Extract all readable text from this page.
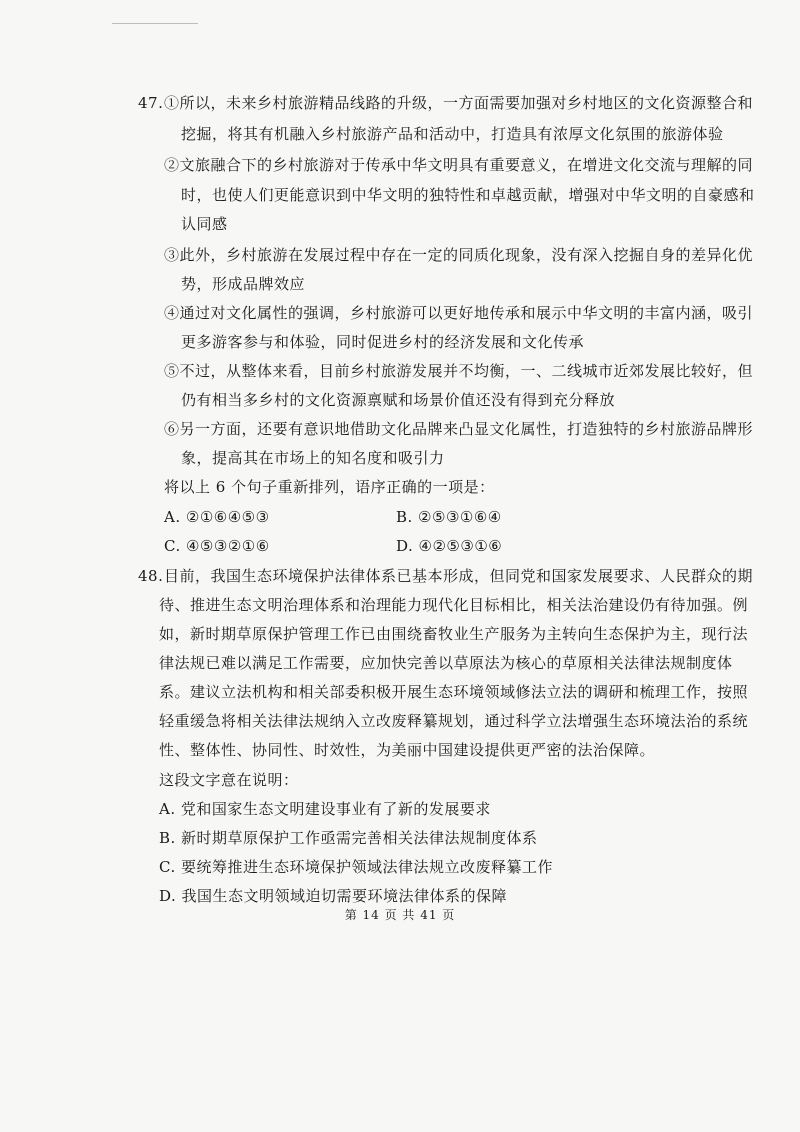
47. ①所以，未来乡村旅游精品线路的升级，一方面需要加强对乡村地区的文化资源整合和
挖掘，将其有机融入乡村旅游产品和活动中，打造具有浓厚文化氛围的旅游体验
②文旅融合下的乡村旅游对于传承中华文明具有重要意义，在增进文化交流与理解的同
时，也使人们更能意识到中华文明的独特性和卓越贡献，增强对中华文明的自豪感和
认同感
③此外，乡村旅游在发展过程中存在一定的同质化现象，没有深入挖掘自身的差异化优
势，形成品牌效应
④通过对文化属性的强调，乡村旅游可以更好地传承和展示中华文明的丰富内涵，吸引
更多游客参与和体验，同时促进乡村的经济发展和文化传承
⑤不过，从整体来看，目前乡村旅游发展并不均衡，一、二线城市近郊发展比较好，但
仍有相当多乡村的文化资源禀赋和场景价值还没有得到充分释放
⑥另一方面，还要有意识地借助文化品牌来凸显文化属性，打造独特的乡村旅游品牌形
象，提高其在市场上的知名度和吸引力
将以上 6 个句子重新排列，语序正确的一项是：
A. ②①⑥④⑤③	B. ②⑤③①⑥④
C. ④⑤③②①⑥	D. ④②⑤③①⑥
48. 目前，我国生态环境保护法律体系已基本形成，但同党和国家发展要求、人民群众的期
待、推进生态文明治理体系和治理能力现代化目标相比，相关法治建设仍有待加强。例
如，新时期草原保护管理工作已由围绕畜牧业生产服务为主转向生态保护为主，现行法
律法规已难以满足工作需要，应加快完善以草原法为核心的草原相关法律法规制度体
系。建议立法机构和相关部委积极开展生态环境领域修法立法的调研和梳理工作，按照
轻重缓急将相关法律法规纳入立改废释纂规划，通过科学立法增强生态环境法治的系统
性、整体性、协同性、时效性，为美丽中国建设提供更严密的法治保障。
这段文字意在说明：
A. 党和国家生态文明建设事业有了新的发展要求
B. 新时期草原保护工作亟需完善相关法律法规制度体系
C. 要统筹推进生态环境保护领域法律法规立改废释纂工作
D. 我国生态文明领域迫切需要环境法律体系的保障
第 14 页 共 41 页
